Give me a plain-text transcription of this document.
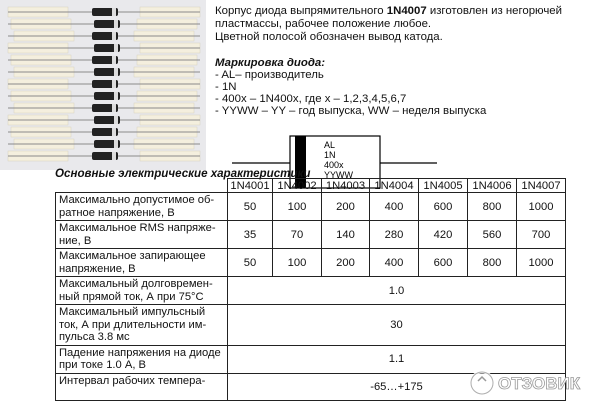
Корпус диода выпрямительного 1N4007 изготовлен из негорючей

пластмассы, рабочее положение любое.

Цветной полосой обозначен вывод катода.

Маркировка диода:

- AL– производитель

- 1N

- 400x – 1N400x, где x – 1,2,3,4,5,6,7

- YYWW – YY – год выпуска, WW – неделя выпуска

AL
1N
400x
YYWW
Основные электрические характеристики
	1N4001	1N4002	1N4003	1N4004	1N4005	1N4006	1N4007
Максимально допустимое об-ратное напряжение, В	50	100	200	400	600	800	1000
Максимальное RMS напряже-ние, В	35	70	140	280	420	560	700
Максимальное запирающее напряжение, В	50	100	200	400	600	800	1000
Максимальный долговремен-ный прямой ток, А при 75°C	1.0						
Максимальный импульсный ток, А при длительности им-пульса 3.8 мс	30						
Падение напряжения на диоде при токе 1.0 А, В	1.1						
Интервал рабочих темпера-	-65…+175							ОТЗОВИК
